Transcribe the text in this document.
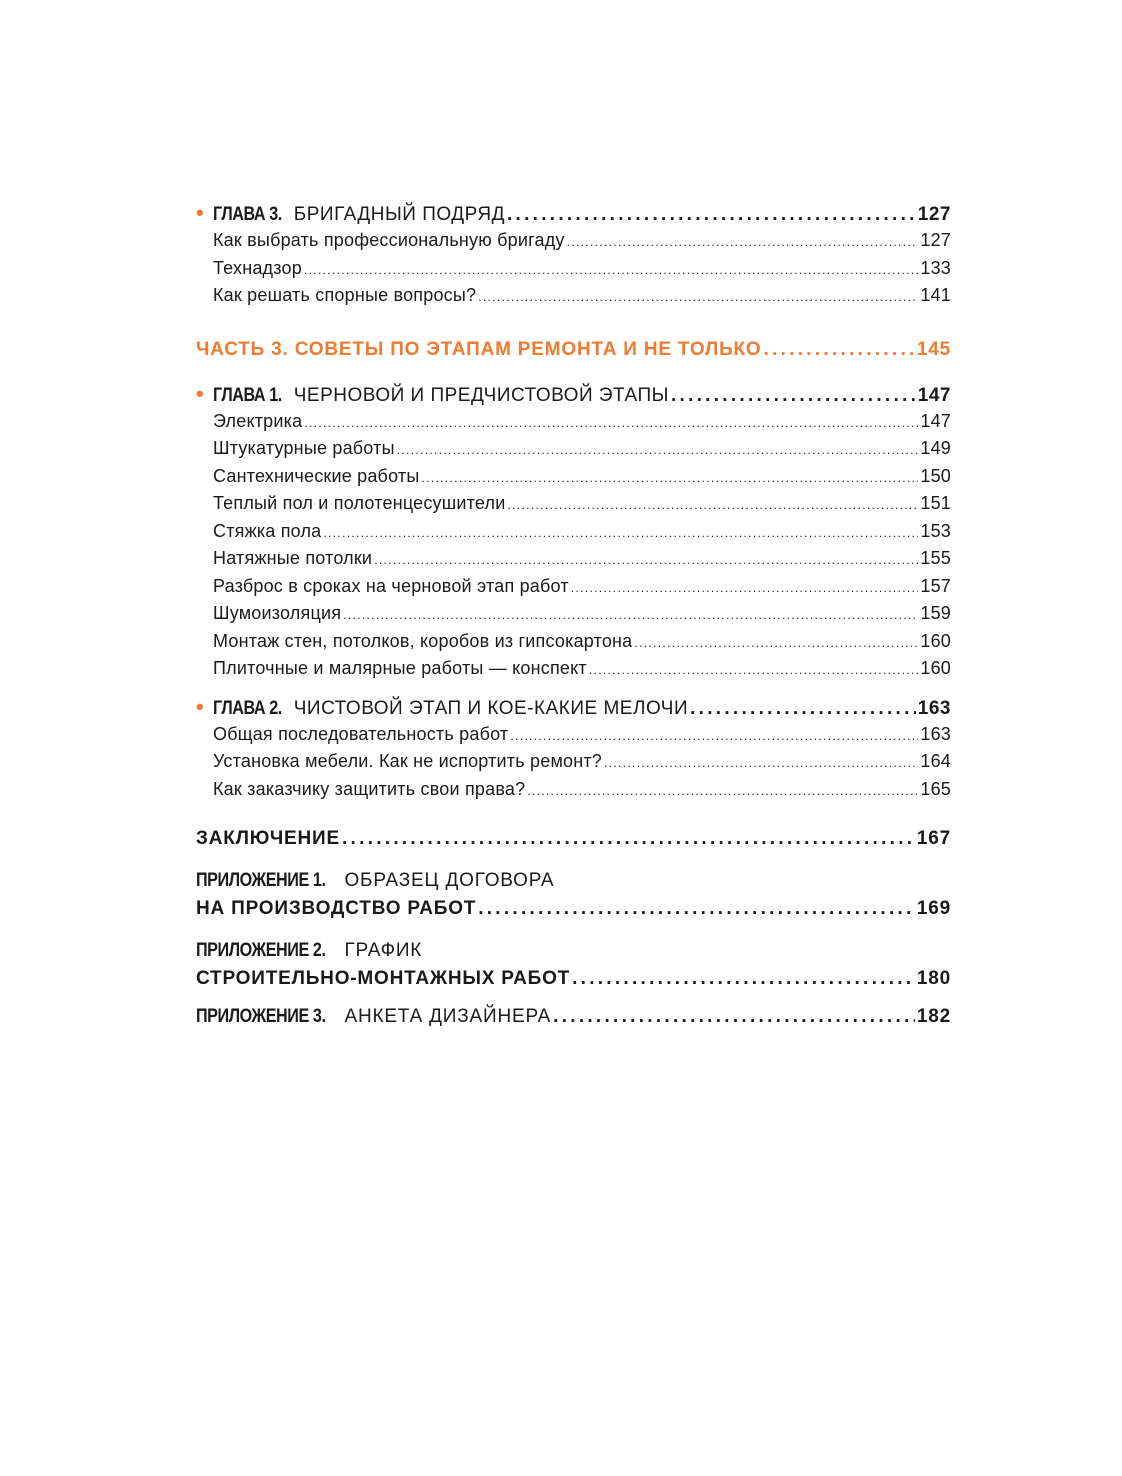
• ГЛАВА 3. БРИГАДНЫЙ ПОДРЯД . . .	127
Как выбрать профессиональную бригаду . . .	127
Технадзор . . .	133
Как решать спорные вопросы? . . .	141
ЧАСТЬ 3. СОВЕТЫ ПО ЭТАПАМ РЕМОНТА И НЕ ТОЛЬКО . . .	145
• ГЛАВА 1. ЧЕРНОВОЙ И ПРЕДЧИСТОВОЙ ЭТАПЫ . . .	147
Электрика . . .	147
Штукатурные работы . . .	149
Сантехнические работы . . .	150
Теплый пол и полотенцесушители . . .	151
Стяжка пола . . .	153
Натяжные потолки . . .	155
Разброс в сроках на черновой этап работ . . .	157
Шумоизоляция . . .	159
Монтаж стен, потолков, коробов из гипсокартона . . .	160
Плиточные и малярные работы — конспект . . .	160
• ГЛАВА 2. ЧИСТОВОЙ ЭТАП И КОЕ-КАКИЕ МЕЛОЧИ . . .	163
Общая последовательность работ . . .	163
Установка мебели. Как не испортить ремонт? . . .	164
Как заказчику защитить свои права? . . .	165
ЗАКЛЮЧЕНИЕ . . .	167
ПРИЛОЖЕНИЕ 1. ОБРАЗЕЦ ДОГОВОРА
НА ПРОИЗВОДСТВО РАБОТ . . .	169
ПРИЛОЖЕНИЕ 2. ГРАФИК
СТРОИТЕЛЬНО-МОНТАЖНЫХ РАБОТ . . .	180
ПРИЛОЖЕНИЕ 3. АНКЕТА ДИЗАЙНЕРА . . .	182
